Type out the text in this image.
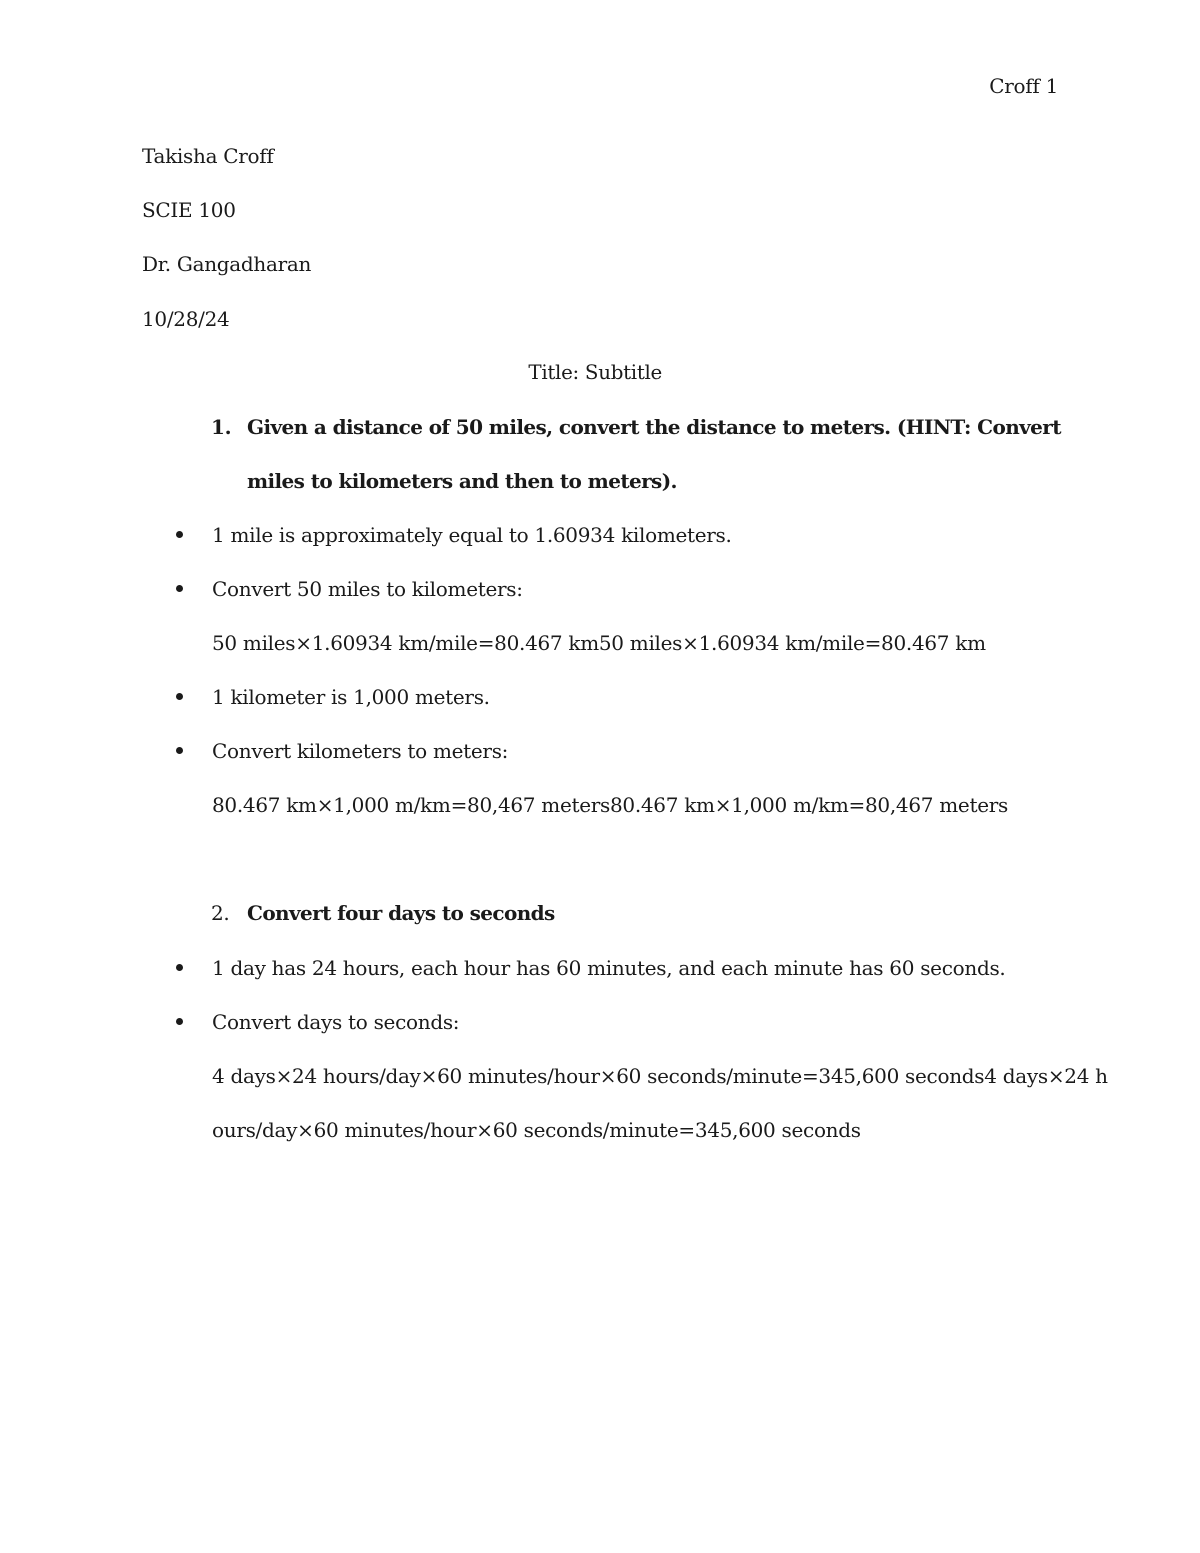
Croff 1
Takisha Croff
SCIE 100
Dr. Gangadharan
10/28/24
Title: Subtitle
1. Given a distance of 50 miles, convert the distance to meters. (HINT: Convert
miles to kilometers and then to meters).
1 mile is approximately equal to 1.60934 kilometers.
Convert 50 miles to kilometers:
50 miles×1.60934 km/mile=80.467 km50 miles×1.60934 km/mile=80.467 km
1 kilometer is 1,000 meters.
Convert kilometers to meters:
80.467 km×1,000 m/km=80,467 meters80.467 km×1,000 m/km=80,467 meters
2. Convert four days to seconds
1 day has 24 hours, each hour has 60 minutes, and each minute has 60 seconds.
Convert days to seconds:
4 days×24 hours/day×60 minutes/hour×60 seconds/minute=345,600 seconds4 days×24 h
ours/day×60 minutes/hour×60 seconds/minute=345,600 seconds
